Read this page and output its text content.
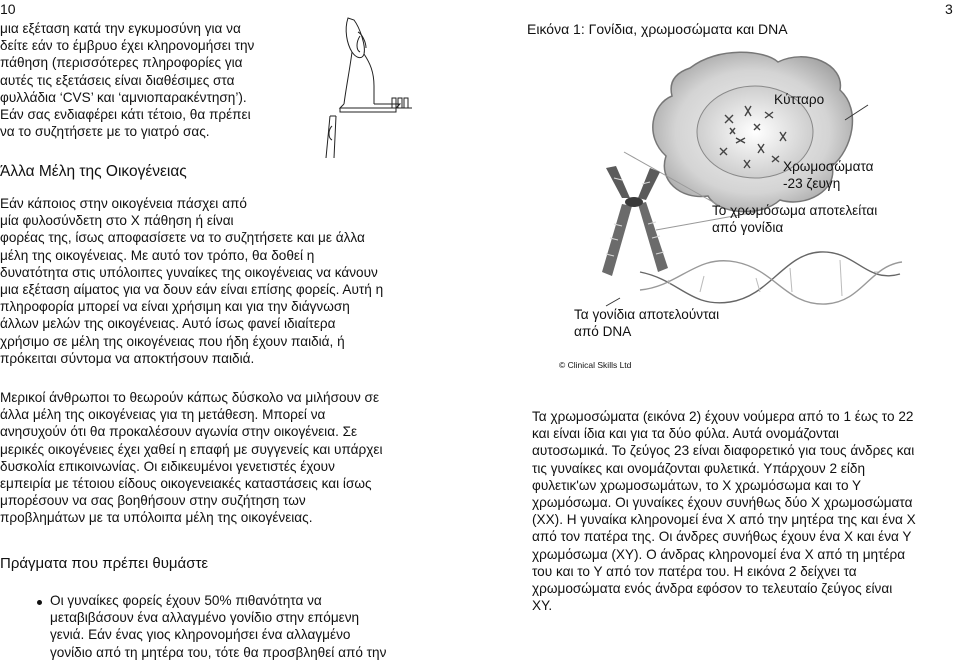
10	3
μια εξέταση κατά την εγκυμοσύνη για να
δείτε εάν το έμβρυο έχει κληρονομήσει την
πάθηση (περισσότερες πληροφορίες για
αυτές τις εξετάσεις είναι διαθέσιμες στα
φυλλάδια ‘CVS’ και ‘αμνιοπαρακέντηση’).
Εάν σας ενδιαφέρει κάτι τέτοιο, θα πρέπει
να το συζητήσετε με το γιατρό σας.
Άλλα Μέλη της Οικογένειας
Εάν κάποιος στην οικογένεια πάσχει από
μία φυλοσύνδετη στο Χ πάθηση ή είναι
φορέας της, ίσως αποφασίσετε να το συζητήσετε και με άλλα
μέλη της οικογένειας. Με αυτό τον τρόπο, θα δοθεί η
δυνατότητα στις υπόλοιπες γυναίκες της οικογένειας να κάνουν
μια εξέταση αίματος για να δουν εάν είναι επίσης φορείς. Αυτή η
πληροφορία μπορεί να είναι χρήσιμη και για την διάγνωση
άλλων μελών της οικογένειας. Αυτό ίσως φανεί ιδιαίτερα
χρήσιμο σε μέλη της οικογένειας που ήδη έχουν παιδιά, ή
πρόκειται σύντομα να αποκτήσουν παιδιά.
Μερικοί άνθρωποι το θεωρούν κάπως δύσκολο να μιλήσουν σε
άλλα μέλη της οικογένειας για τη μετάθεση. Μπορεί να
ανησυχούν ότι θα προκαλέσουν αγωνία στην οικογένεια. Σε
μερικές οικογένειες έχει χαθεί η επαφή με συγγενείς και υπάρχει
δυσκολία επικοινωνίας. Οι ειδικευμένοι γενετιστές έχουν
εμπειρία με τέτοιου είδους οικογενειακές καταστάσεις και ίσως
μπορέσουν να σας βοηθήσουν στην συζήτηση των
προβλημάτων με τα υπόλοιπα μέλη της οικογένειας.
Πράγματα που πρέπει θυμάστε
Οι γυναίκες φορείς έχουν 50% πιθανότητα να
μεταβιβάσουν ένα αλλαγμένο γονίδιο στην επόμενη
γενιά. Εάν ένας γιος κληρονομήσει ένα αλλαγμένο
γονίδιο από τη μητέρα του, τότε θα προσβληθεί από την
Εικόνα 1: Γονίδια, χρωμοσώματα και DNA
Κύτταρο
Χρωμοσώματα
-23 ζευγη
Το χρωμόσωμα αποτελείται
από γονίδια
Τα γονίδια αποτελούνται
από DNA
© Clinical Skills Ltd
Τα χρωμοσώματα (εικόνα 2) έχουν νούμερα από το 1 έως το 22
και είναι ίδια και για τα δύο φύλα. Αυτά ονομάζονται
αυτοσωμικά. Το ζεύγος 23 είναι διαφορετικό για τους άνδρες και
τις γυναίκες και ονομάζονται φυλετικά. Υπάρχουν 2 είδη
φυλετικ'ων χρωμοσωμάτων, το Χ χρωμόσωμα και το Υ
χρωμόσωμα. Οι γυναίκες έχουν συνήθως δύο Χ χρωμοσώματα
(ΧΧ). Η γυναίκα κληρονομεί ένα Χ από την μητέρα της και ένα Χ
από τον πατέρα της. Οι άνδρες συνήθως έχουν ένα Χ και ένα Υ
χρωμόσωμα (ΧΥ). Ο άνδρας κληρονομεί ένα Χ από τη μητέρα
του και το Υ από τον πατέρα του. Η εικόνα 2 δείχνει τα
χρωμοσώματα ενός άνδρα εφόσον το τελευταίο ζεύγος είναι
ΧΥ.
